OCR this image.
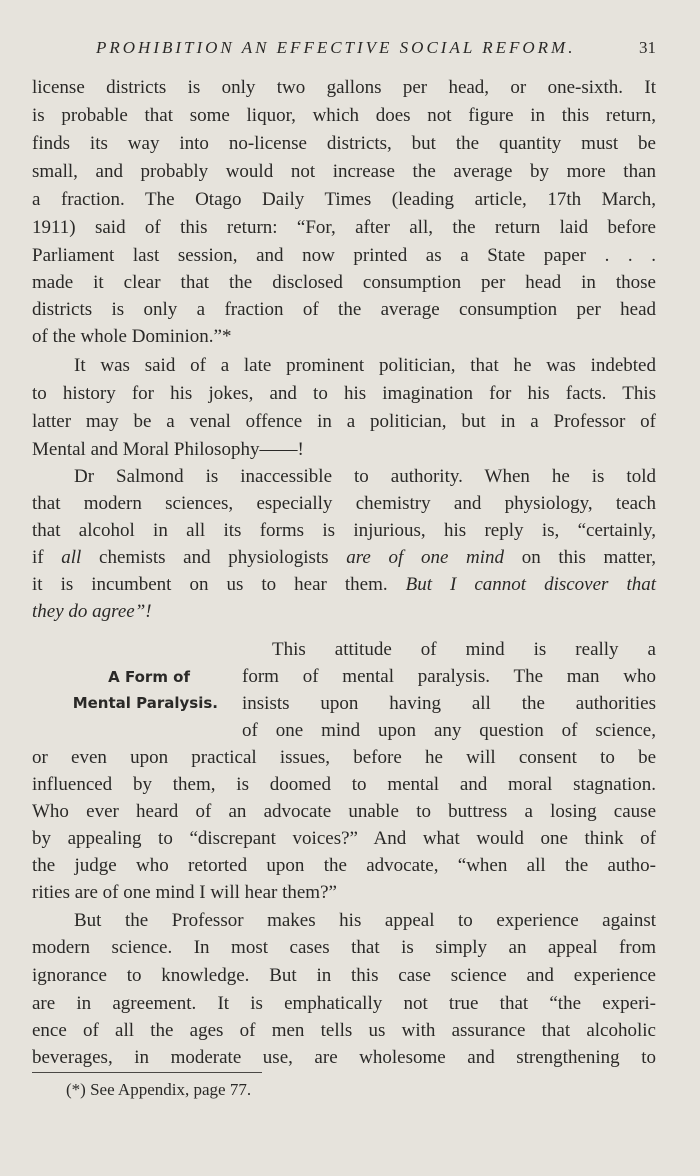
PROHIBITION AN EFFECTIVE SOCIAL REFORM.	31
license districts is only two gallons per head, or one-sixth. It
is probable that some liquor, which does not figure in this return,
finds its way into no-license districts, but the quantity must be
small, and probably would not increase the average by more than
a fraction. The Otago Daily Times (leading article, 17th March,
1911) said of this return: “For, after all, the return laid before
Parliament last session, and now printed as a State paper . . .
made it clear that the disclosed consumption per head in those
districts is only a fraction of the average consumption per head
of the whole Dominion.”*
It was said of a late prominent politician, that he was indebted
to history for his jokes, and to his imagination for his facts. This
latter may be a venal offence in a politician, but in a Professor of
Mental and Moral Philosophy——!
Dr Salmond is inaccessible to authority. When he is told
that modern sciences, especially chemistry and physiology, teach
that alcohol in all its forms is injurious, his reply is, “certainly,
if all chemists and physiologists are of one mind on this matter,
it is incumbent on us to hear them. But I cannot discover that
they do agree”!
This attitude of mind is really a
form of mental paralysis. The man who
insists upon having all the authorities
of one mind upon any question of science,
A Form of
Mental Paralysis.
or even upon practical issues, before he will consent to be
influenced by them, is doomed to mental and moral stagnation.
Who ever heard of an advocate unable to buttress a losing cause
by appealing to “discrepant voices?” And what would one think of
the judge who retorted upon the advocate, “when all the autho-
rities are of one mind I will hear them?”
But the Professor makes his appeal to experience against
modern science. In most cases that is simply an appeal from
ignorance to knowledge. But in this case science and experience
are in agreement. It is emphatically not true that “the experi-
ence of all the ages of men tells us with assurance that alcoholic
beverages, in moderate use, are wholesome and strengthening to
(*) See Appendix, page 77.
